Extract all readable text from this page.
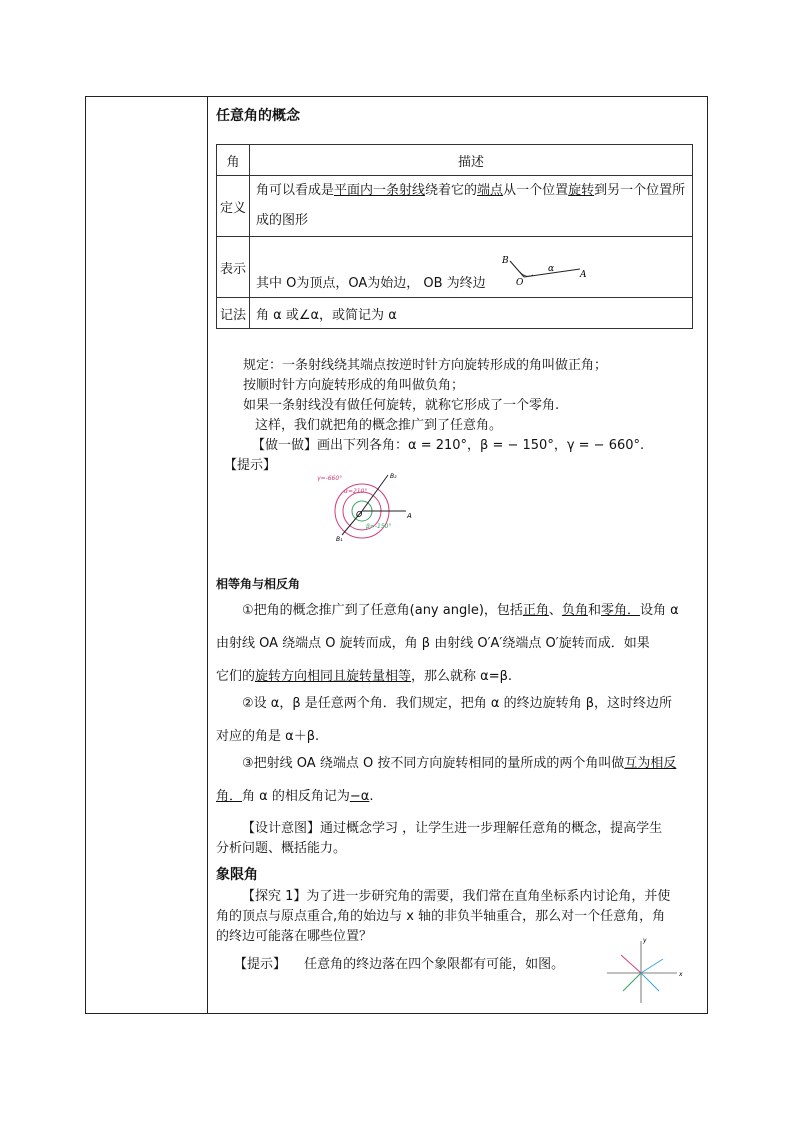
任意角的概念
角	描述
定义	角可以看成是平面内一条射线绕着它的端点从一个位置旋转到另一个位置所成的图形
表示	其中 O为顶点，OA为始边， OB 为终边
B
O
A
α

记法	角 α 或∠α，或简记为 α
规定：一条射线绕其端点按逆时针方向旋转形成的角叫做正角；
按顺时针方向旋转形成的角叫做负角；
如果一条射线没有做任何旋转，就称它形成了一个零角.
这样，我们就把角的概念推广到了任意角。
【做一做】画出下列各角：α = 210°，β = − 150°，γ = − 660°.
【提示】
γ=-660°
α=210°
β=-150°
B₂
B₁
O	A
相等角与相反角
①把角的概念推广到了任意角(any angle)，包括正角、负角和零角．设角 α
由射线 OA 绕端点 O 旋转而成，角 β 由射线 O′A′绕端点 O′旋转而成．如果
它们的旋转方向相同且旋转量相等，那么就称 α=β.
②设 α，β 是任意两个角．我们规定，把角 α 的终边旋转角 β，这时终边所
对应的角是 α＋β.
③把射线 OA 绕端点 O 按不同方向旋转相同的量所成的两个角叫做互为相反
角．角 α 的相反角记为−α.
【设计意图】通过概念学习 ，让学生进一步理解任意角的概念，提高学生
分析问题、概括能力。
象限角
【探究 1】为了进一步研究角的需要，我们常在直角坐标系内讨论角，并使
角的顶点与原点重合,角的始边与 x 轴的非负半轴重合，那么对一个任意角，角
的终边可能落在哪些位置？
【提示】 任意角的终边落在四个象限都有可能，如图。
x
y
